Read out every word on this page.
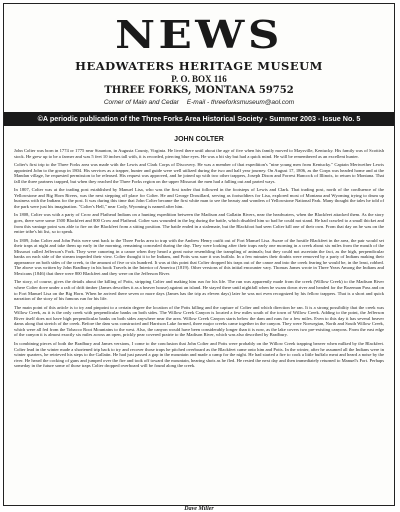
NEWS
HEADWATERS HERITAGE MUSEUM
P. O. BOX 116
THREE FORKS, MONTANA 59752
Corner of Main and Cedar E-mail - threeforksmuseum@aol.com
©A periodic publication of the Three Forks Area Historical Society - Summer 2003 - Issue No. 5
JOHN COLTER

John Colter was born in 1774 or 1775 near Staunton, in Augusta County, Virginia. He lived there until about the age of five when his family moved to Maysville, Kentucky. His family was of Scottish stock. He grew up to be a farmer and was 5 feet 10 inches tall with, it is recorded, piercing blue eyes. He was a bit shy but had a quick mind. He will be remembered as an excellent hunter.

Colter's first trip to the Three Forks area was made with the Lewis and Clark Corps of Discovery. He was a member of that expedition's "nine young men from Kentucky." Captain Meriwether Lewis appointed John to the group in 1804. His services as a trapper, hunter and guide were well utilized during the two and half year journey. On August 17, 1806, as the Corps was headed home and at the Mandan village, he requested permission to be released. His request was approved, and he joined up with two other trappers, Joseph Dixon and Forrest Hancock of Illinois, to return to Montana. That fall the three partners trapped, but when they reached the Three Forks region on the upper Missouri the men had a falling out and parted ways.

In 1807, Colter was at the trading post established by Manuel Lisa, who was the first trader that followed in the footsteps of Lewis and Clark. That trading post, north of the confluence of the Yellowstone and Big Horn Rivers, was the next stepping off place for Colter. He and George Drouillard, serving as footsoldiers for Lisa, explored most of Montana and Wyoming trying to drum up business with the Indians for the post. It was during this time that John Colter became the first white man to see the beauty and wonders of Yellowstone National Park. Many thought the tales he told of the park were just his imagination. "Colter's Hell," near Cody, Wyoming is named after him.

In 1808, Colter was with a party of Crow and Flathead Indians on a hunting expedition between the Madison and Gallatin Rivers, near the headwaters, when the Blackfeet attacked them. As the story goes, there were some 1500 Blackfeet and 800 Crow and Flathead. Colter was wounded in the leg during the battle, which disabled him so bad he could not stand. He had crawled to a small thicket and from this vantage point was able to fire on the Blackfeet from a sitting position. The battle ended in a stalemate, but the Blackfoot had seen Colter kill one of their own. From that day on he was on the entire tribe's hit list, so to speak.

In 1809, John Colter and John Potts were sent back to the Three Forks area to trap with the Andrew Henry outfit out of Fort Manuel Lisa. Aware of the hostile Blackfeet in the area, the pair would set their traps at night and take them up early in the morning, remaining concealed during the day. They were looking after their traps early one morning in a creek about six miles from the mouth of the Missouri called Jefferson's Fork. They were canoeing in a canoe when they heard a great noise resembling the trampling of animals; but they could not ascertain the fact, as the high, perpendicular banks on each side of the stream impeded their view. Colter thought it to be Indians, and Potts was sure it was buffalo. In a few minutes their doubts were removed by a party of Indians making their appearance on both sides of the creek, to the amount of five or six hundred. It was at this point that Colter dropped his traps out of the canoe and into the creek fearing he would be, in the least, robbed. The above was written by John Bradbury in his book Travels in the Interior of America (1819). Other versions of this initial encounter vary. Thomas James wrote in Three Years Among the Indians and Mexicans (1846) that there were 800 Blackfeet and they were on the Jefferson River.

The story, of course, gives the details about the killing of Potts, stripping Colter and making him run for his life. The run was apparently made from the creek (Willow Creek) to the Madison River where Colter dove under a raft of drift timber (James describes it as a beaver house) against an island. He stayed there until nightfall when he swam down river and headed for the Bozeman Pass and on to Fort Manuel Lisa on the Big Horn. When he arrived there seven or more days (James has the trip as eleven days) later he was not even recognized by his fellow trappers. That is a short and quick narration of the story of his famous run for his life.

The main point of this article is to try and pinpoint to a certain degree the location of the Potts killing and the capture of Colter and which direction he ran. It is a strong possibility that the creek was Willow Creek, as it is the only creek with perpendicular banks on both sides. The Willow Creek Canyon is located a few miles south of the town of Willow Creek. Adding to the point, the Jefferson River itself does not have high perpendicular banks on both sides anywhere near the area. Willow Creek Canyon starts below the dam and runs for a few miles. Even to this day it has several beaver dams along that stretch of the creek. Before the dam was constructed and Harrison Lake formed, three major creeks came together in the canyon. They were Norwegian, North and South Willow Creek, which were all fed from the Tobacco Root Mountains to the west. Also, the canyon would have been considerably longer than it is now, as the lake covers two pre-existing canyons. From the east edge of the canyon it is almost exactly six miles across an open, prickly pear covered prairie to the Madison River, which was also described by Bradbury.

In combining pieces of both the Bradbury and James versions, I come to the conclusion that John Colter and Potts were probably on the Willow Creek trapping beaver when milked by the Blackfeet. Colter lead in the winter made a shortened trip back to try and recover those traps he pitched overboard as the Blackfeet came onto him and Potts. In the winter, after he assumed all the Indians were in winter quarters, he retrieved his steps to the Gallatin. He had just passed a gap in the mountain and made a camp for the night. He had started a fire to cook a little buffalo meat and heard a noise by the river. He heard the cocking of guns and jumped over the fire and took off toward the mountain, hearing shots as he fled. He rested the next day and then immediately returned to Manuel's Fort. Perhaps someday in the future some of those traps Colter dropped overboard will be found along the creek.

Dave Miller
